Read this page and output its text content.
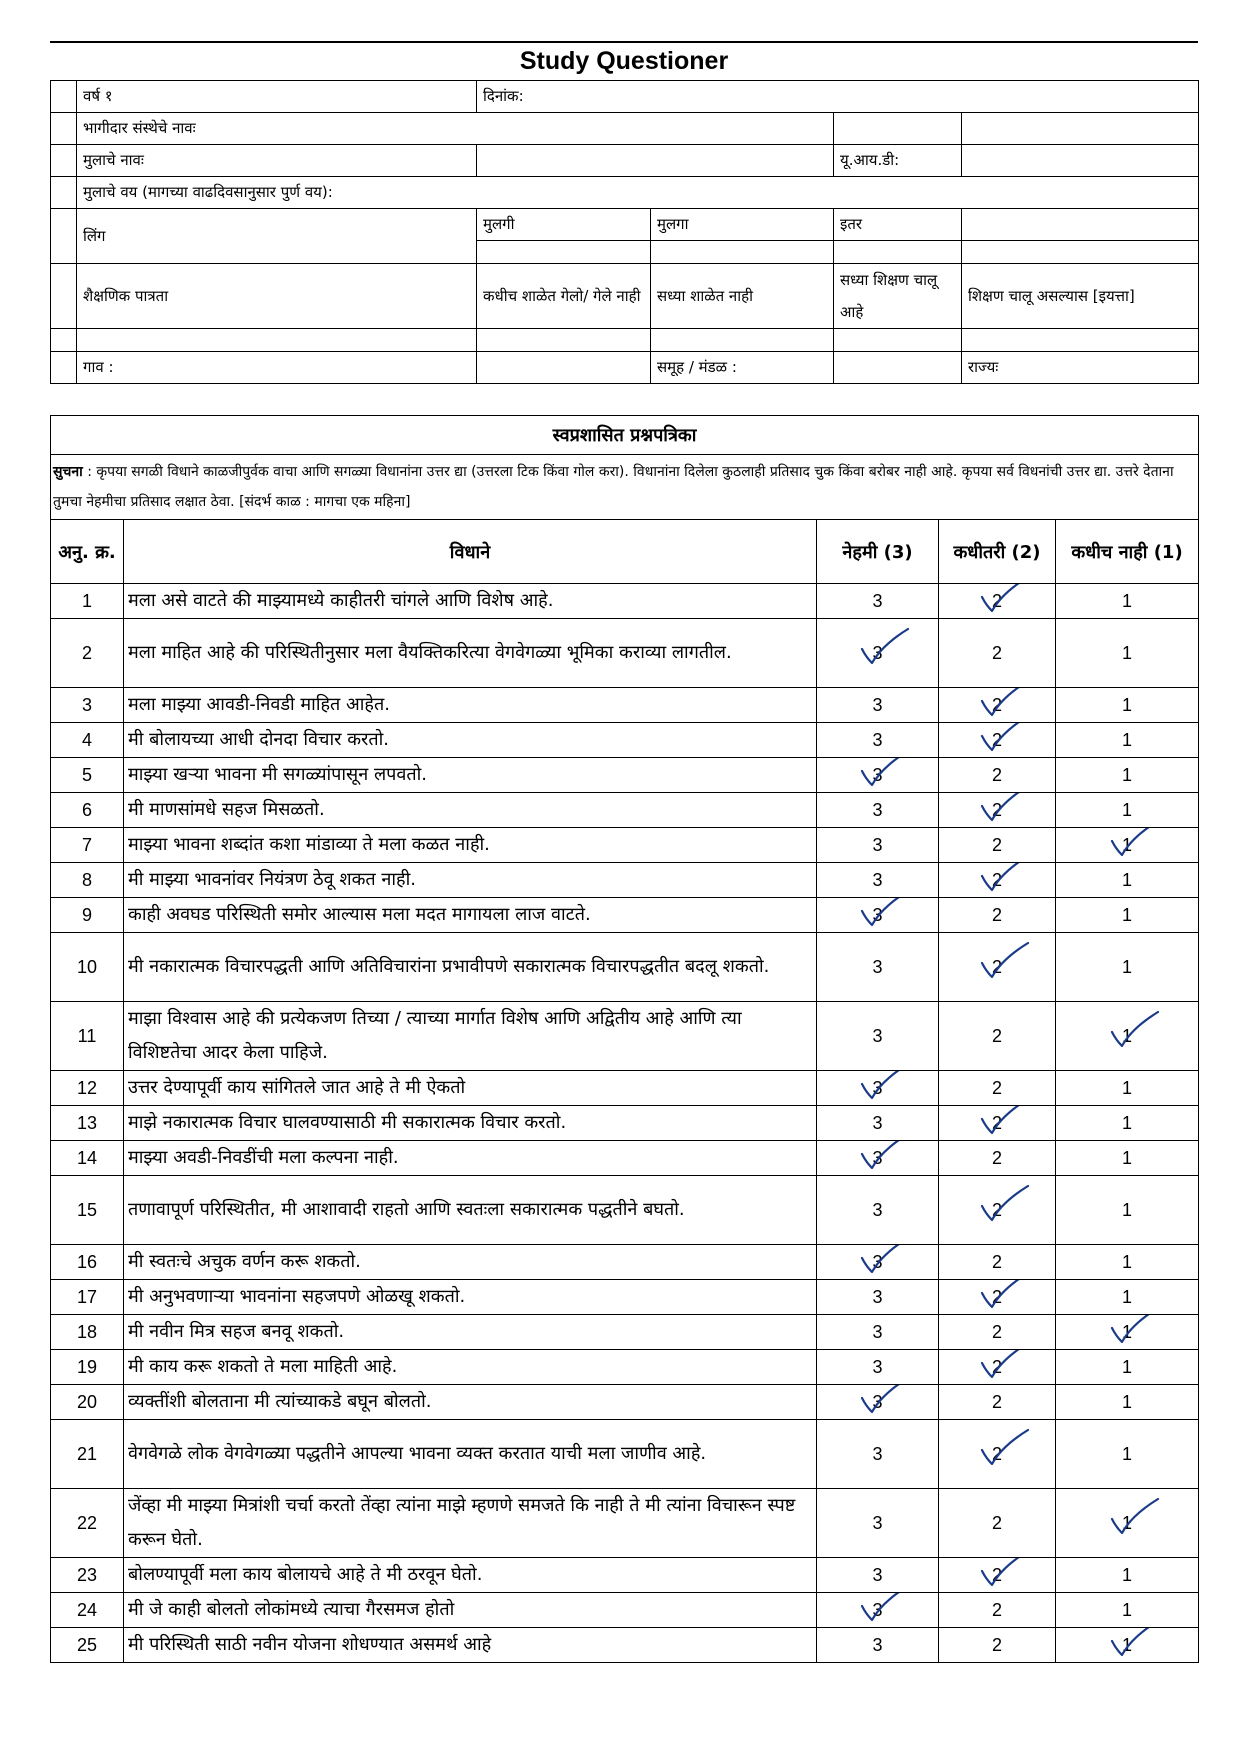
Study Questioner
	वर्ष १	दिनांक:			
	भागीदार संस्थेचे नावः				
	मुलाचे नावः			यू.आय.डी:	
	मुलाचे वय (मागच्या वाढदिवसानुसार पुर्ण वय):				
	लिंग	मुलगी	मुलगा	इतर	

	शैक्षणिक पात्रता	कधीच शाळेत गेलो/ गेले नाही	सध्या शाळेत नाही	सध्या शिक्षण चालू आहे	शिक्षण चालू असल्यास [इयत्ता]

	गाव :		समूह / मंडळ :		राज्यः
स्वप्रशासित प्रश्नपत्रिका				
सुचना : कृपया सगळी विधाने काळजीपुर्वक वाचा आणि सगळ्या विधानांना उत्तर द्या (उत्तरला टिक किंवा गोल करा). विधानांना दिलेला कुठलाही प्रतिसाद चुक किंवा बरोबर नाही आहे. कृपया सर्व विधनांची उत्तर द्या. उत्तरे देताना तुमचा नेहमीचा प्रतिसाद लक्षात ठेवा. [संदर्भ काळ : मागचा एक महिना]				
अनु. क्र.	विधाने	नेहमी (3)	कधीतरी (2)	कधीच नाही (1)
1	मला असे वाटते की माझ्यामध्ये काहीतरी चांगले आणि विशेष आहे.	3	2	1
2	मला माहित आहे की परिस्थितीनुसार मला वैयक्तिकरित्या वेगवेगळ्या भूमिका कराव्या लागतील.	3	2	1
3	मला माझ्या आवडी-निवडी माहित आहेत.	3	2	1
4	मी बोलायच्या आधी दोनदा विचार करतो.	3	2	1
5	माझ्या खऱ्या भावना मी सगळ्यांपासून लपवतो.	3	2	1
6	मी माणसांमधे सहज मिसळतो.	3	2	1
7	माझ्या भावना शब्दांत कशा मांडाव्या ते मला कळत नाही.	3	2	1

8	मी माझ्या भावनांवर नियंत्रण ठेवू शकत नाही.	3	2	1
9	काही अवघड परिस्थिती समोर आल्यास मला मदत मागायला लाज वाटते.	3	2	1
10	मी नकारात्मक विचारपद्धती आणि अतिविचारांना प्रभावीपणे सकारात्मक विचारपद्धतीत बदलू शकतो.	3	2	1
11	माझा विश्वास आहे की प्रत्येकजण तिच्या / त्याच्या मार्गात विशेष आणि अद्वितीय आहे आणि त्या विशिष्टतेचा आदर केला पाहिजे.	3	2	1

12	उत्तर देण्यापूर्वी काय सांगितले जात आहे ते मी ऐकतो	3	2	1
13	माझे नकारात्मक विचार घालवण्यासाठी मी सकारात्मक विचार करतो.	3	2	1
14	माझ्या अवडी-निवडींची मला कल्पना नाही.	3	2	1
15	तणावापूर्ण परिस्थितीत, मी आशावादी राहतो आणि स्वतःला सकारात्मक पद्धतीने बघतो.	3	2	1
16	मी स्वतःचे अचुक वर्णन करू शकतो.	3	2	1
17	मी अनुभवणाऱ्या भावनांना सहजपणे ओळखू शकतो.	3	2	1
18	मी नवीन मित्र सहज बनवू शकतो.	3	2	1

19	मी काय करू शकतो ते मला माहिती आहे.	3	2	1
20	व्यक्तींशी बोलताना मी त्यांच्याकडे बघून बोलतो.	3	2	1
21	वेगवेगळे लोक वेगवेगळ्या पद्धतीने आपल्या भावना व्यक्त करतात याची मला जाणीव आहे.	3	2	1
22	जेंव्हा मी माझ्या मित्रांशी चर्चा करतो तेंव्हा त्यांना माझे म्हणणे समजते कि नाही ते मी त्यांना विचारून स्पष्ट करून घेतो.	3	2	1

23	बोलण्यापूर्वी मला काय बोलायचे आहे ते मी ठरवून घेतो.	3	2	1
24	मी जे काही बोलतो लोकांमध्ये त्याचा गैरसमज होतो	3	2	1
25	मी परिस्थिती साठी नवीन योजना शोधण्यात असमर्थ आहे	3	2	1
